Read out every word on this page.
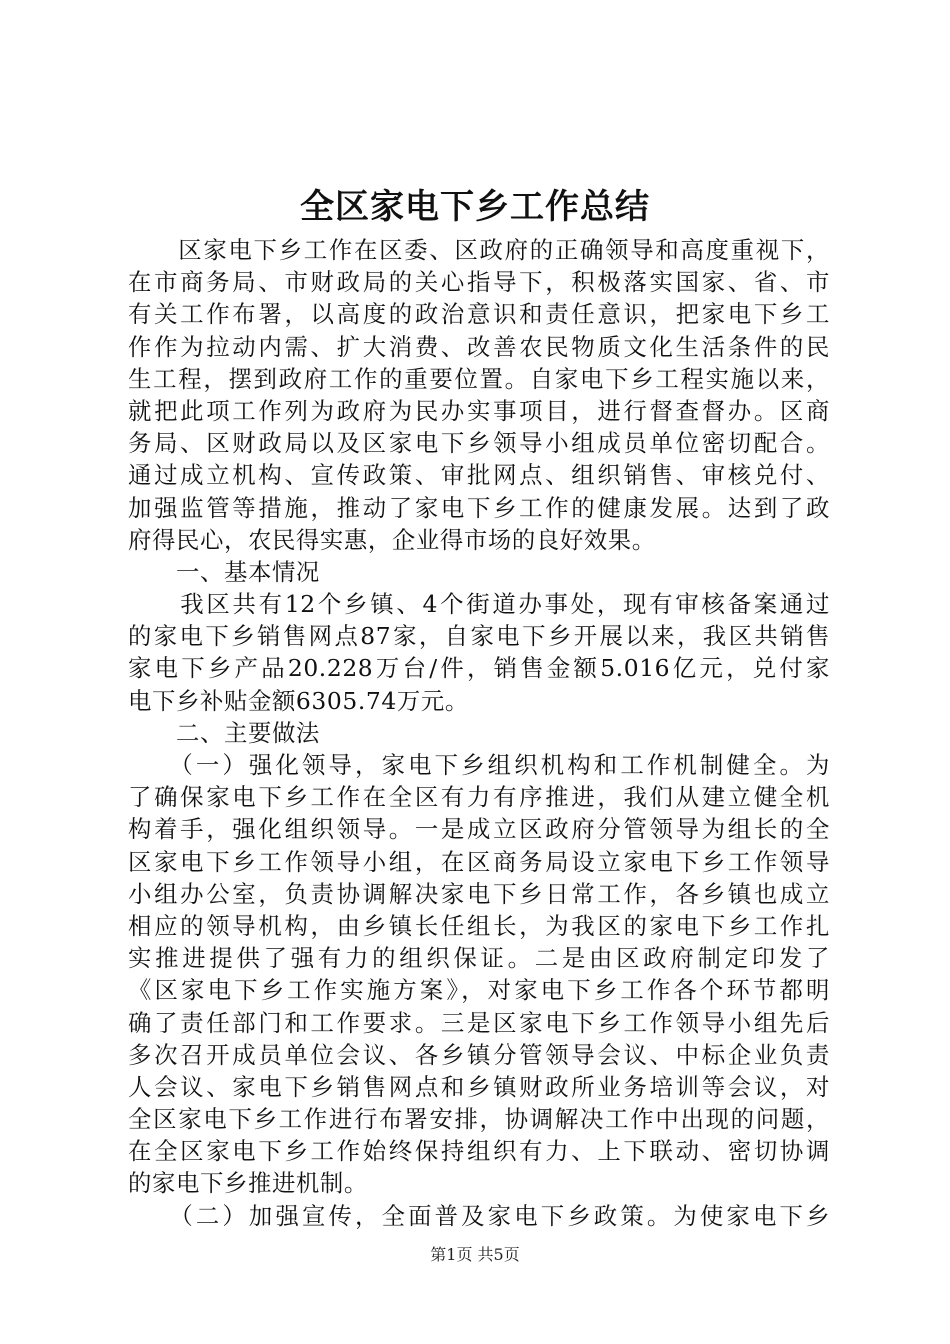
全区家电下乡工作总结
　　区家电下乡工作在区委、区政府的正确领导和高度重视下，
在市商务局、市财政局的关心指导下，积极落实国家、省、市
有关工作布署，以高度的政治意识和责任意识，把家电下乡工
作作为拉动内需、扩大消费、改善农民物质文化生活条件的民
生工程，摆到政府工作的重要位置。自家电下乡工程实施以来，
就把此项工作列为政府为民办实事项目，进行督查督办。区商
务局、区财政局以及区家电下乡领导小组成员单位密切配合。
通过成立机构、宣传政策、审批网点、组织销售、审核兑付、
加强监管等措施，推动了家电下乡工作的健康发展。达到了政
府得民心，农民得实惠，企业得市场的良好效果。
　　一、基本情况
　　我区共有12个乡镇、4个街道办事处，现有审核备案通过
的家电下乡销售网点87家，自家电下乡开展以来，我区共销售
家电下乡产品20.228万台/件，销售金额5.016亿元，兑付家
电下乡补贴金额6305.74万元。
　　二、主要做法
　　（一）强化领导，家电下乡组织机构和工作机制健全。为
了确保家电下乡工作在全区有力有序推进，我们从建立健全机
构着手，强化组织领导。一是成立区政府分管领导为组长的全
区家电下乡工作领导小组，在区商务局设立家电下乡工作领导
小组办公室，负责协调解决家电下乡日常工作，各乡镇也成立
相应的领导机构，由乡镇长任组长，为我区的家电下乡工作扎
实推进提供了强有力的组织保证。二是由区政府制定印发了
《区家电下乡工作实施方案》，对家电下乡工作各个环节都明
确了责任部门和工作要求。三是区家电下乡工作领导小组先后
多次召开成员单位会议、各乡镇分管领导会议、中标企业负责
人会议、家电下乡销售网点和乡镇财政所业务培训等会议，对
全区家电下乡工作进行布署安排，协调解决工作中出现的问题，
在全区家电下乡工作始终保持组织有力、上下联动、密切协调
的家电下乡推进机制。
　　（二）加强宣传，全面普及家电下乡政策。为使家电下乡
第1页 共5页
